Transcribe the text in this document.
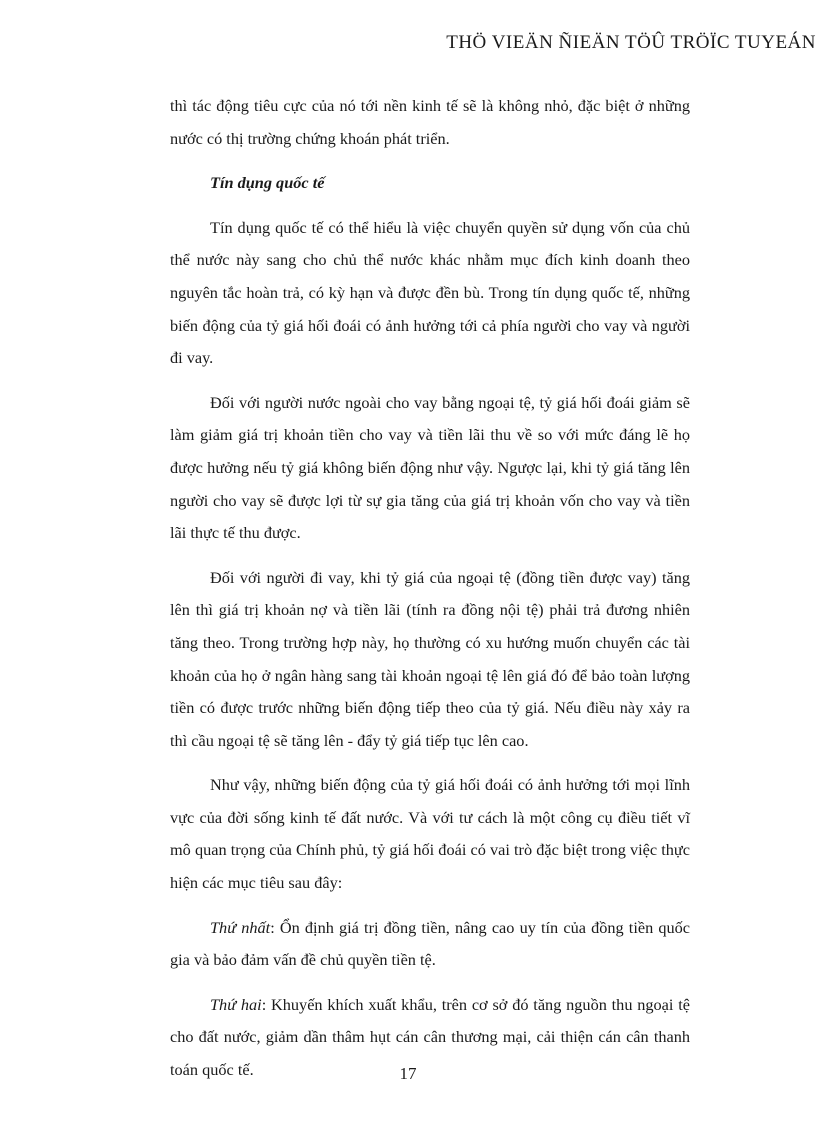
THÖ VIEÄN ÑIEÄN TÖÛ TRÖÏC TUYEÁN

thì tác động tiêu cực của nó tới nền kinh tế sẽ là không nhỏ, đặc biệt ở những nước có thị trường chứng khoán phát triển.

Tín dụng quốc tế

Tín dụng quốc tế có thể hiểu là việc chuyển quyền sử dụng vốn của chủ thể nước này sang cho chủ thể nước khác nhằm mục đích kinh doanh theo nguyên tắc hoàn trả, có kỳ hạn và được đền bù. Trong tín dụng quốc tế, những biến động của tỷ giá hối đoái có ảnh hưởng tới cả phía người cho vay và người đi vay.

Đối với người nước ngoài cho vay bằng ngoại tệ, tỷ giá hối đoái giảm sẽ làm giảm giá trị khoản tiền cho vay và tiền lãi thu về so với mức đáng lẽ họ được hưởng nếu tỷ giá không biến động như vậy. Ngược lại, khi tỷ giá tăng lên người cho vay sẽ được lợi từ sự gia tăng của giá trị khoản vốn cho vay và tiền lãi thực tế thu được.

Đối với người đi vay, khi tỷ giá của ngoại tệ (đồng tiền được vay) tăng lên thì giá trị khoản nợ và tiền lãi (tính ra đồng nội tệ) phải trả đương nhiên tăng theo. Trong trường hợp này, họ thường có xu hướng muốn chuyển các tài khoản của họ ở ngân hàng sang tài khoản ngoại tệ lên giá đó để bảo toàn lượng tiền có được trước những biến động tiếp theo của tỷ giá. Nếu điều này xảy ra thì cầu ngoại tệ sẽ tăng lên - đẩy tỷ giá tiếp tục lên cao.

Như vậy, những biến động của tỷ giá hối đoái có ảnh hưởng tới mọi lĩnh vực của đời sống kinh tế đất nước. Và với tư cách là một công cụ điều tiết vĩ mô quan trọng của Chính phủ, tỷ giá hối đoái có vai trò đặc biệt trong việc thực hiện các mục tiêu sau đây:

Thứ nhất: Ổn định giá trị đồng tiền, nâng cao uy tín của đồng tiền quốc gia và bảo đảm vấn đề chủ quyền tiền tệ.

Thứ hai: Khuyến khích xuất khẩu, trên cơ sở đó tăng nguồn thu ngoại tệ cho đất nước, giảm dần thâm hụt cán cân thương mại, cải thiện cán cân thanh toán quốc tế.	17
